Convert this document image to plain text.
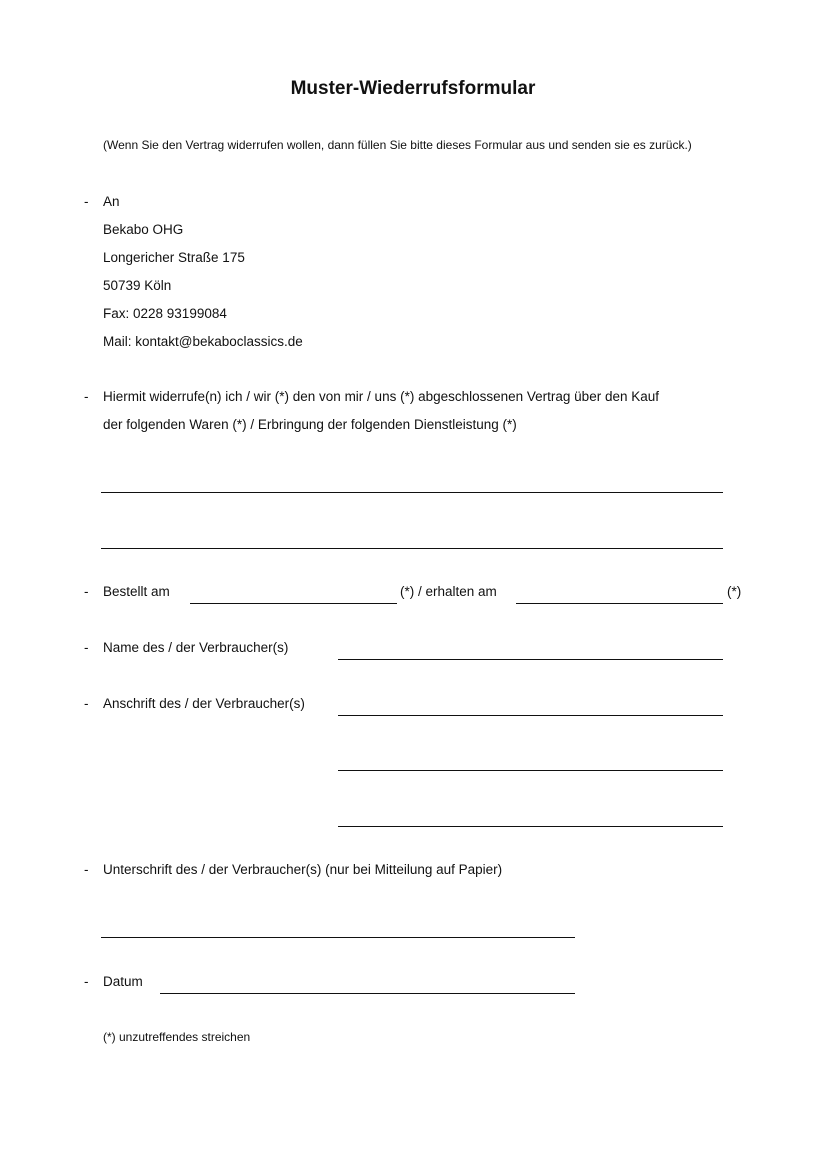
Muster-Wiederrufsformular
(Wenn Sie den Vertrag widerrufen wollen, dann füllen Sie bitte dieses Formular aus und senden sie es zurück.)
- An
Bekabo OHG
Longericher Straße 175
50739 Köln
Fax: 0228 93199084
Mail: kontakt@bekaboclassics.de
- Hiermit widerrufe(n) ich / wir (*) den von mir / uns (*) abgeschlossenen Vertrag über den Kauf
der folgenden Waren (*) / Erbringung der folgenden Dienstleistung (*)
- Bestellt am	(*) / erhalten am	(*)
- Name des / der Verbraucher(s)
- Anschrift des / der Verbraucher(s)
- Unterschrift des / der Verbraucher(s) (nur bei Mitteilung auf Papier)
- Datum
(*) unzutreffendes streichen
